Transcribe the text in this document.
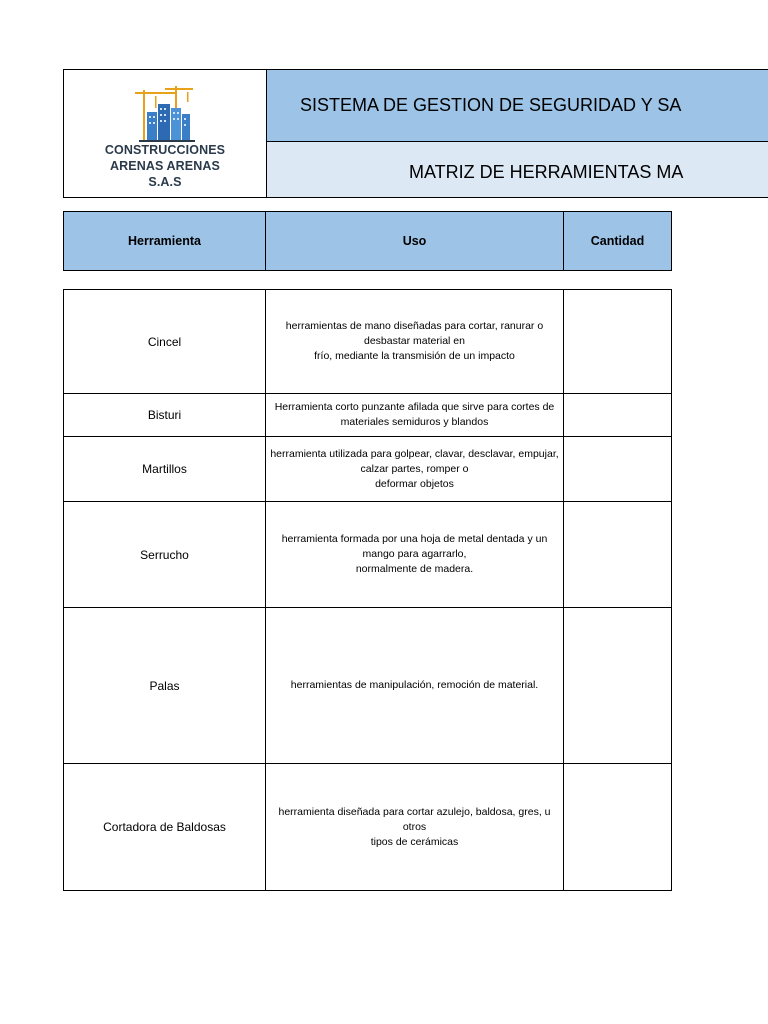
CONSTRUCCIONES
ARENAS ARENAS S.A.S
SISTEMA DE GESTION DE SEGURIDAD Y SA
MATRIZ DE HERRAMIENTAS MA
Herramienta	Uso	Cantidad
Cincel	herramientas de mano diseñadas para cortar, ranurar o
desbastar material en
frío, mediante la transmisión de un impacto	

Bisturi	Herramienta corto punzante afilada que sirve para cortes de
materiales semiduros y blandos	

Martillos	herramienta utilizada para golpear, clavar, desclavar, empujar,
calzar partes, romper o
deformar objetos	

Serrucho	herramienta formada por una hoja de metal dentada y un
mango para agarrarlo,
normalmente de madera.	

Palas	herramientas de manipulación, remoción de material.	

Cortadora de Baldosas	herramienta diseñada para cortar azulejo, baldosa, gres, u otros
tipos de cerámicas	
